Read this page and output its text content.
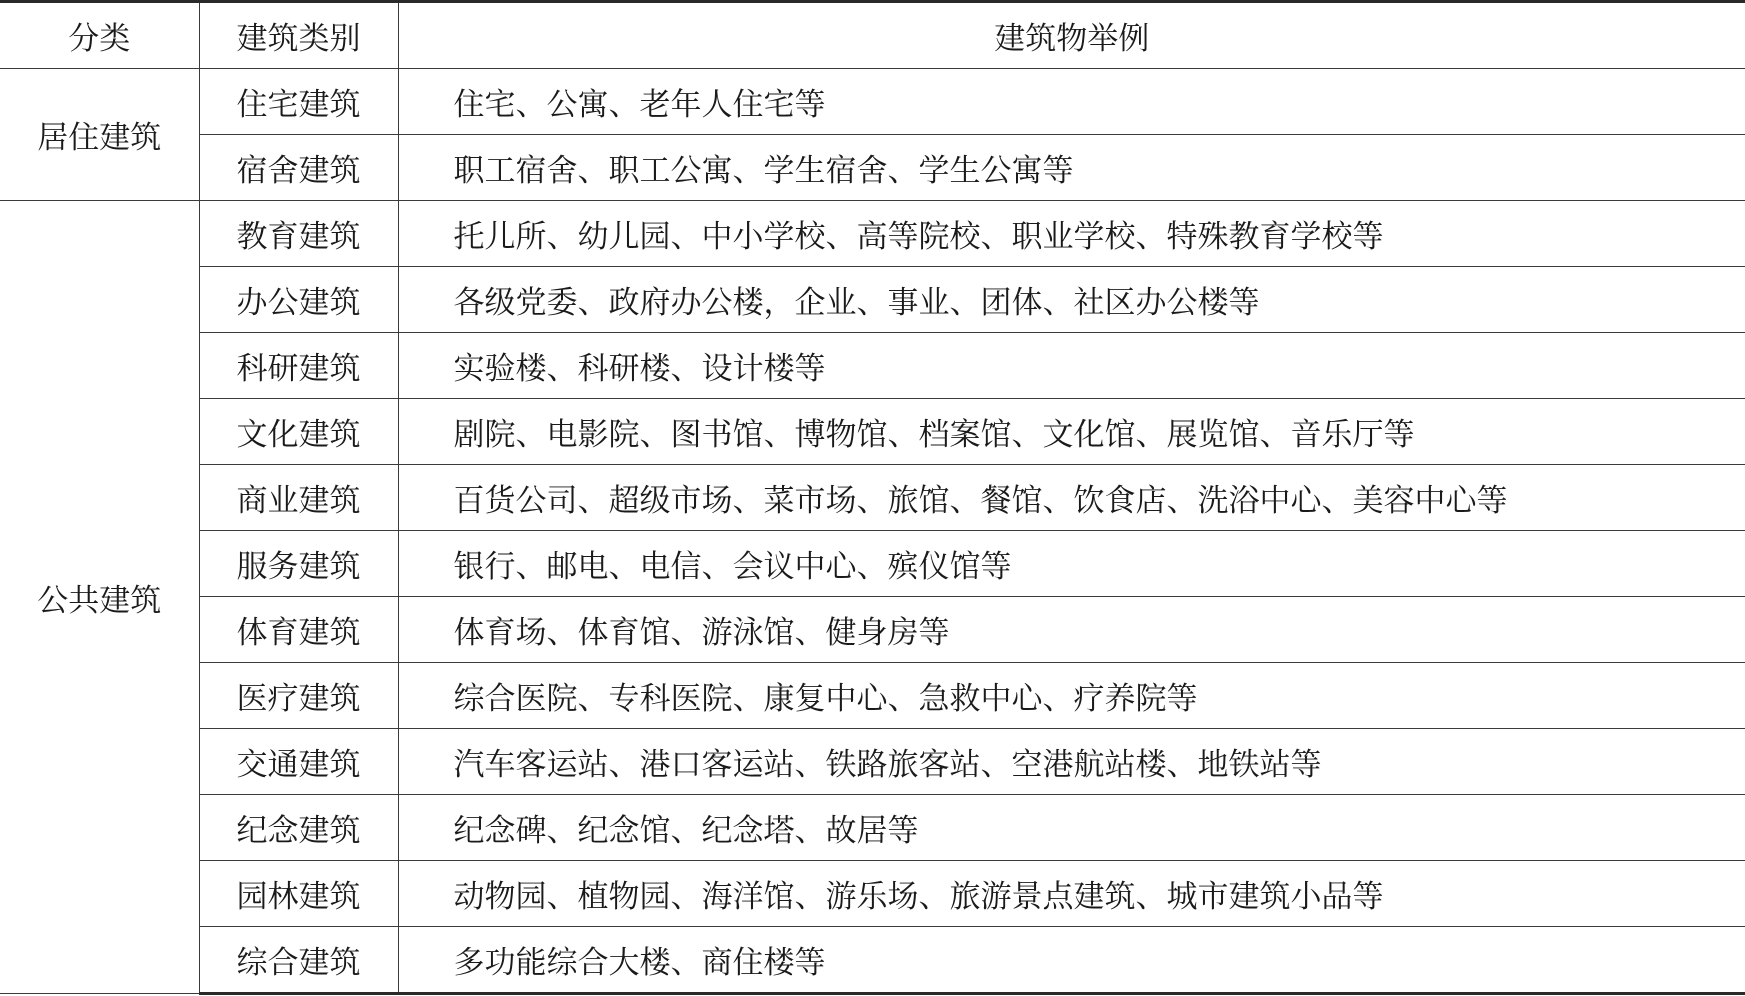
分类	建筑类别	建筑物举例
居住建筑	住宅建筑	住宅、公寓、老年人住宅等
	宿舍建筑	职工宿舍、职工公寓、学生宿舍、学生公寓等
公共建筑	教育建筑	托儿所、幼儿园、中小学校、高等院校、职业学校、特殊教育学校等
	办公建筑	各级党委、政府办公楼，企业、事业、团体、社区办公楼等
	科研建筑	实验楼、科研楼、设计楼等
	文化建筑	剧院、电影院、图书馆、博物馆、档案馆、文化馆、展览馆、音乐厅等
	商业建筑	百货公司、超级市场、菜市场、旅馆、餐馆、饮食店、洗浴中心、美容中心等
	服务建筑	银行、邮电、电信、会议中心、殡仪馆等
	体育建筑	体育场、体育馆、游泳馆、健身房等
	医疗建筑	综合医院、专科医院、康复中心、急救中心、疗养院等
	交通建筑	汽车客运站、港口客运站、铁路旅客站、空港航站楼、地铁站等
	纪念建筑	纪念碑、纪念馆、纪念塔、故居等
	园林建筑	动物园、植物园、海洋馆、游乐场、旅游景点建筑、城市建筑小品等
	综合建筑	多功能综合大楼、商住楼等
